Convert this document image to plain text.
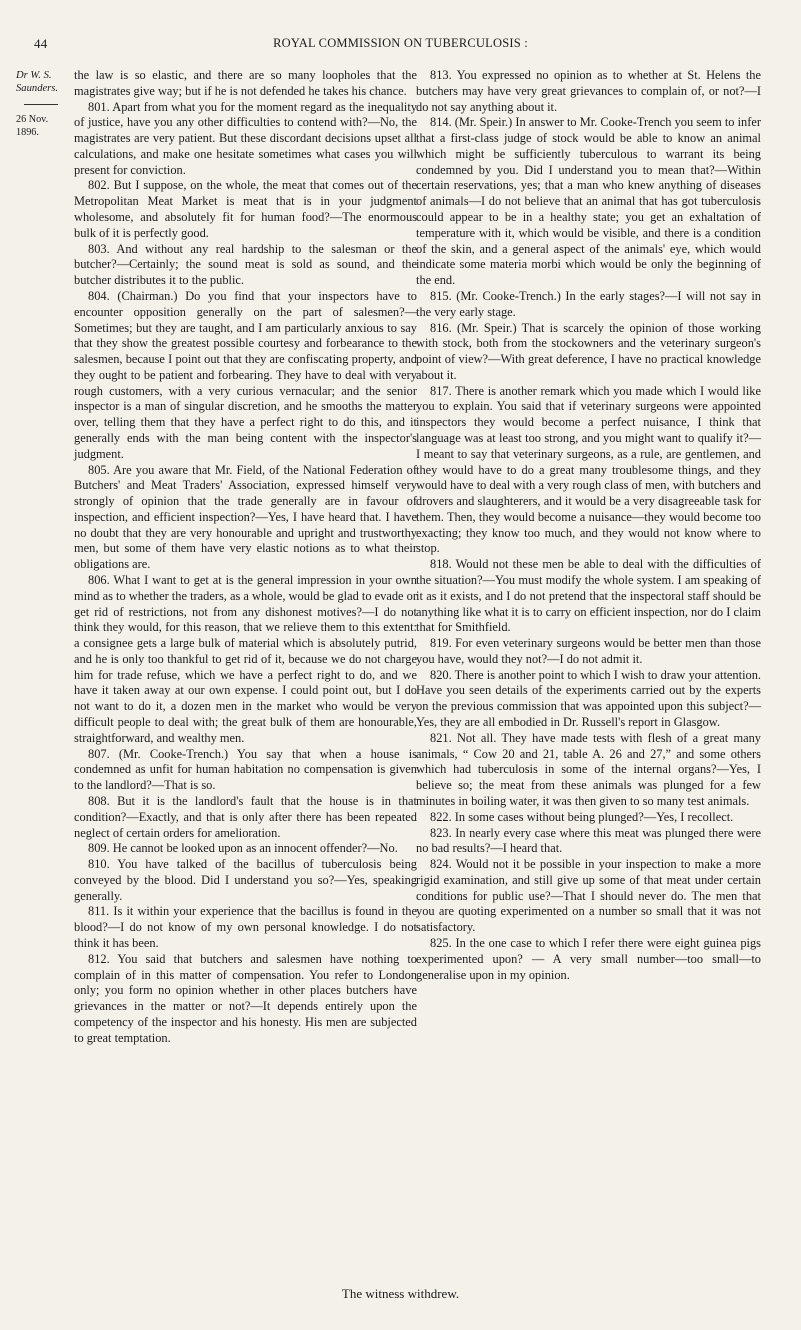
44	ROYAL COMMISSION ON TUBERCULOSIS :
Dr W. S. Saunders.
26 Nov. 1896.

the law is so elastic, and there are so many loopholes that the magistrates give way; but if he is not defended he takes his chance.

801. Apart from what you for the moment regard as the inequality of justice, have you any other difficulties to contend with?—No, the magistrates are very patient. But these discordant decisions upset all calculations, and make one hesitate sometimes what cases you will present for conviction.

802. But I suppose, on the whole, the meat that comes out of the Metropolitan Meat Market is meat that is in your judgment wholesome, and absolutely fit for human food?—The enormous bulk of it is perfectly good.

803. And without any real hardship to the salesman or the butcher?—Certainly; the sound meat is sold as sound, and the butcher distributes it to the public.

804. (Chairman.) Do you find that your inspectors have to encounter opposition generally on the part of salesmen?—Sometimes; but they are taught, and I am particularly anxious to say that they show the greatest possible courtesy and forbearance to the salesmen, because I point out that they are confiscating property, and they ought to be patient and forbearing. They have to deal with very rough customers, with a very curious vernacular; and the senior inspector is a man of singular discretion, and he smooths the matter over, telling them that they have a perfect right to do this, and it generally ends with the man being content with the inspector's judgment.

805. Are you aware that Mr. Field, of the National Federation of Butchers' and Meat Traders' Association, expressed himself very strongly of opinion that the trade generally are in favour of inspection, and efficient inspection?—Yes, I have heard that. I have no doubt that they are very honourable and upright and trustworthy men, but some of them have very elastic notions as to what their obligations are.

806. What I want to get at is the general impression in your own mind as to whether the traders, as a whole, would be glad to evade or get rid of restrictions, not from any dishonest motives?—I do not think they would, for this reason, that we relieve them to this extent: a consignee gets a large bulk of material which is absolutely putrid, and he is only too thankful to get rid of it, because we do not charge him for trade refuse, which we have a perfect right to do, and we have it taken away at our own expense. I could point out, but I do not want to do it, a dozen men in the market who would be very difficult people to deal with; the great bulk of them are honourable, straightforward, and wealthy men.

807. (Mr. Cooke-Trench.) You say that when a house is condemned as unfit for human habitation no compensation is given to the landlord?—That is so.

808. But it is the landlord's fault that the house is in that condition?—Exactly, and that is only after there has been repeated neglect of certain orders for amelioration.

809. He cannot be looked upon as an innocent offender?—No.

810. You have talked of the bacillus of tuberculosis being conveyed by the blood. Did I understand you so?—Yes, speaking generally.

811. Is it within your experience that the bacillus is found in the blood?—I do not know of my own personal knowledge. I do not think it has been.

812. You said that butchers and salesmen have nothing to complain of in this matter of compensation. You refer to London only; you form no opinion whether in other places butchers have grievances in the matter or not?—It depends entirely upon the competency of the inspector and his honesty. His men are subjected to great temptation.

813. You expressed no opinion as to whether at St. Helens the butchers may have very great grievances to complain of, or not?—I do not say anything about it.

814. (Mr. Speir.) In answer to Mr. Cooke-Trench you seem to infer that a first-class judge of stock would be able to know an animal which might be sufficiently tuberculous to warrant its being condemned by you. Did I understand you to mean that?—Within certain reservations, yes; that a man who knew anything of diseases of animals—I do not believe that an animal that has got tuberculosis could appear to be in a healthy state; you get an exhaltation of temperature with it, which would be visible, and there is a condition of the skin, and a general aspect of the animals' eye, which would indicate some materia morbi which would be only the beginning of the end.

815. (Mr. Cooke-Trench.) In the early stages?—I will not say in the very early stage.

816. (Mr. Speir.) That is scarcely the opinion of those working with stock, both from the stockowners and the veterinary surgeon's point of view?—With great deference, I have no practical knowledge about it.

817. There is another remark which you made which I would like you to explain. You said that if veterinary surgeons were appointed inspectors they would become a perfect nuisance, I think that language was at least too strong, and you might want to qualify it?—I meant to say that veterinary surgeons, as a rule, are gentlemen, and they would have to do a great many troublesome things, and they would have to deal with a very rough class of men, with butchers and drovers and slaughterers, and it would be a very disagreeable task for them. Then, they would become a nuisance—they would become too exacting; they know too much, and they would not know where to stop.

818. Would not these men be able to deal with the difficulties of the situation?—You must modify the whole system. I am speaking of it as it exists, and I do not pretend that the inspectoral staff should be anything like what it is to carry on efficient inspection, nor do I claim that for Smithfield.

819. For even veterinary surgeons would be better men than those you have, would they not?—I do not admit it.

820. There is another point to which I wish to draw your attention. Have you seen details of the experiments carried out by the experts on the previous commission that was appointed upon this subject?—Yes, they are all embodied in Dr. Russell's report in Glasgow.

821. Not all. They have made tests with flesh of a great many animals, “ Cow 20 and 21, table A. 26 and 27,” and some others which had tuberculosis in some of the internal organs?—Yes, I believe so; the meat from these animals was plunged for a few minutes in boiling water, it was then given to so many test animals.

822. In some cases without being plunged?—Yes, I recollect.

823. In nearly every case where this meat was plunged there were no bad results?—I heard that.

824. Would not it be possible in your inspection to make a more rigid examination, and still give up some of that meat under certain conditions for public use?—That I should never do. The men that you are quoting experimented on a number so small that it was not satisfactory.

825. In the one case to which I refer there were eight guinea pigs experimented upon? — A very small number—too small—to generalise upon in my opinion.

The witness withdrew.
